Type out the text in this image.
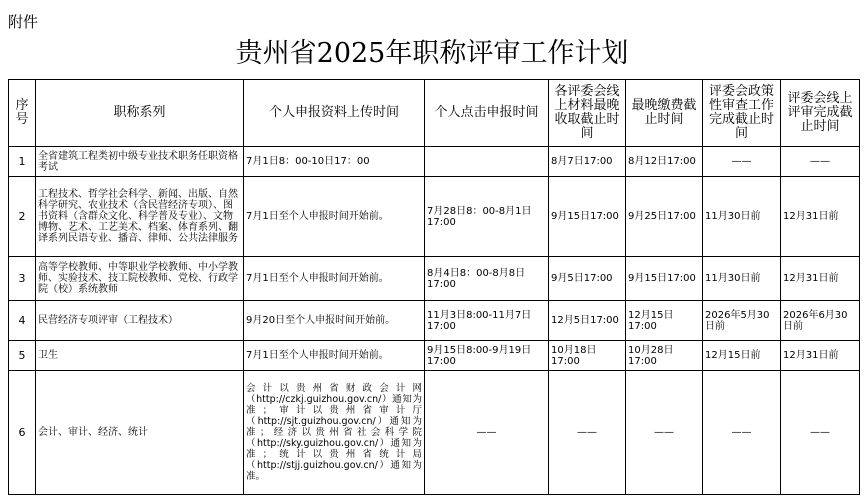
附件
贵州省2025年职称评审工作计划
序号	职称系列	个人申报资料上传时间	个人点击申报时间	各评委会线上材料最晚收取截止时间	最晚缴费截止时间	评委会政策性审查工作完成截止时间	评委会线上评审完成截止时间
1	全省建筑工程类初中级专业技术职务任职资格考试	7月1日8：00-10日17：00		8月7日17:00	8月12日17:00	——	——
2	工程技术、哲学社会科学、新闻、出版、自然科学研究、农业技术（含民营经济专项）、图书资料（含群众文化、科学普及专业）、文物博物、艺术、工艺美术、档案、体育系列、翻译系列民语专业、播音、律师、公共法律服务	7月1日至个人申报时间开始前。	7月28日8：00-8月1日17:00	9月15日17:00	9月25日17:00	11月30日前	12月31日前
3	高等学校教师、中等职业学校教师、中小学教师、实验技术、技工院校教师、党校、行政学院（校）系统教师	7月1日至个人申报时间开始前。	8月4日8：00-8月8日17:00	9月5日17:00	9月15日17:00	11月30日前	12月31日前
4	民营经济专项评审（工程技术）	9月20日至个人申报时间开始前。	11月3日8:00-11月7日17:00	12月5日17:00	12月15日17:00	2026年5月30日前	2026年6月30日前
5	卫生	7月1日至个人申报时间开始前。	9月15日8:00-9月19日17:00	10月18日17:00	10月28日17:00	12月15日前	12月31日前
6	会计、审计、经济、统计	会计以贵州省财政会计网（http://czkj.guizhou.gov.cn/）通知为准；审计以贵州省审计厅（http://sjt.guizhou.gov.cn/）通知为准；经济以贵州省社会科学院（http://sky.guizhou.gov.cn/）通知为准；统计以贵州省统计局（http://stjj.guizhou.gov.cn/）通知为准。	——	——	——	——	——
